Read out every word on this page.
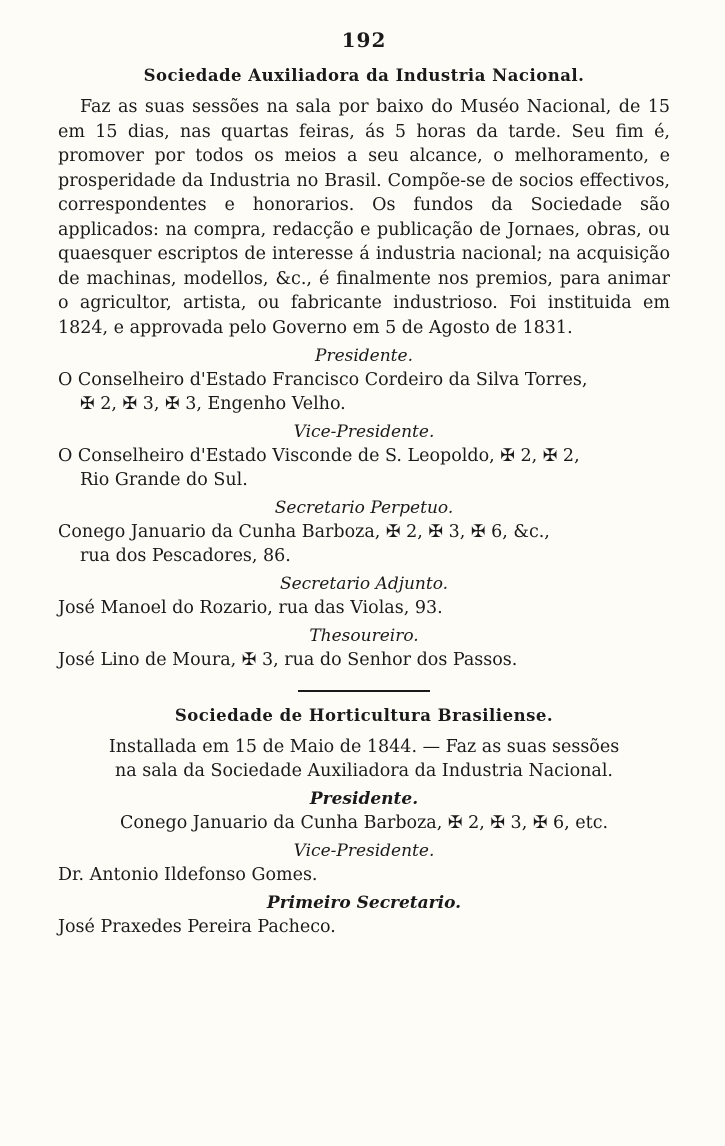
192
Sociedade Auxiliadora da Industria Nacional.

Faz as suas sessões na sala por baixo do Muséo Nacional, de 15 em 15 dias, nas quartas feiras, ás 5 horas da tarde. Seu fim é, promover por todos os meios a seu alcance, o melhoramento, e prosperidade da Industria no Brasil. Compõe-se de socios effectivos, correspondentes e honorarios. Os fundos da Sociedade são applicados: na compra, redacção e publicação de Jornaes, obras, ou quaesquer escriptos de interesse á industria nacional; na acquisição de machinas, modellos, &c., é finalmente nos premios, para animar o agricultor, artista, ou fabricante industrioso. Foi instituida em 1824, e approvada pelo Governo em 5 de Agosto de 1831.

Presidente.

O Conselheiro d'Estado Francisco Cordeiro da Silva Torres,
✠ 2, ✠ 3, ✠ 3, Engenho Velho.

Vice-Presidente.

O Conselheiro d'Estado Visconde de S. Leopoldo, ✠ 2, ✠ 2,
Rio Grande do Sul.

Secretario Perpetuo.

Conego Januario da Cunha Barboza, ✠ 2, ✠ 3, ✠ 6, &c.,
rua dos Pescadores, 86.

Secretario Adjunto.

José Manoel do Rozario, rua das Violas, 93.

Thesoureiro.

José Lino de Moura, ✠ 3, rua do Senhor dos Passos.

Sociedade de Horticultura Brasiliense.

Installada em 15 de Maio de 1844. — Faz as suas sessões
na sala da Sociedade Auxiliadora da Industria Nacional.

Presidente.

Conego Januario da Cunha Barboza, ✠ 2, ✠ 3, ✠ 6, etc.

Vice-Presidente.

Dr. Antonio Ildefonso Gomes.

Primeiro Secretario.

José Praxedes Pereira Pacheco.
